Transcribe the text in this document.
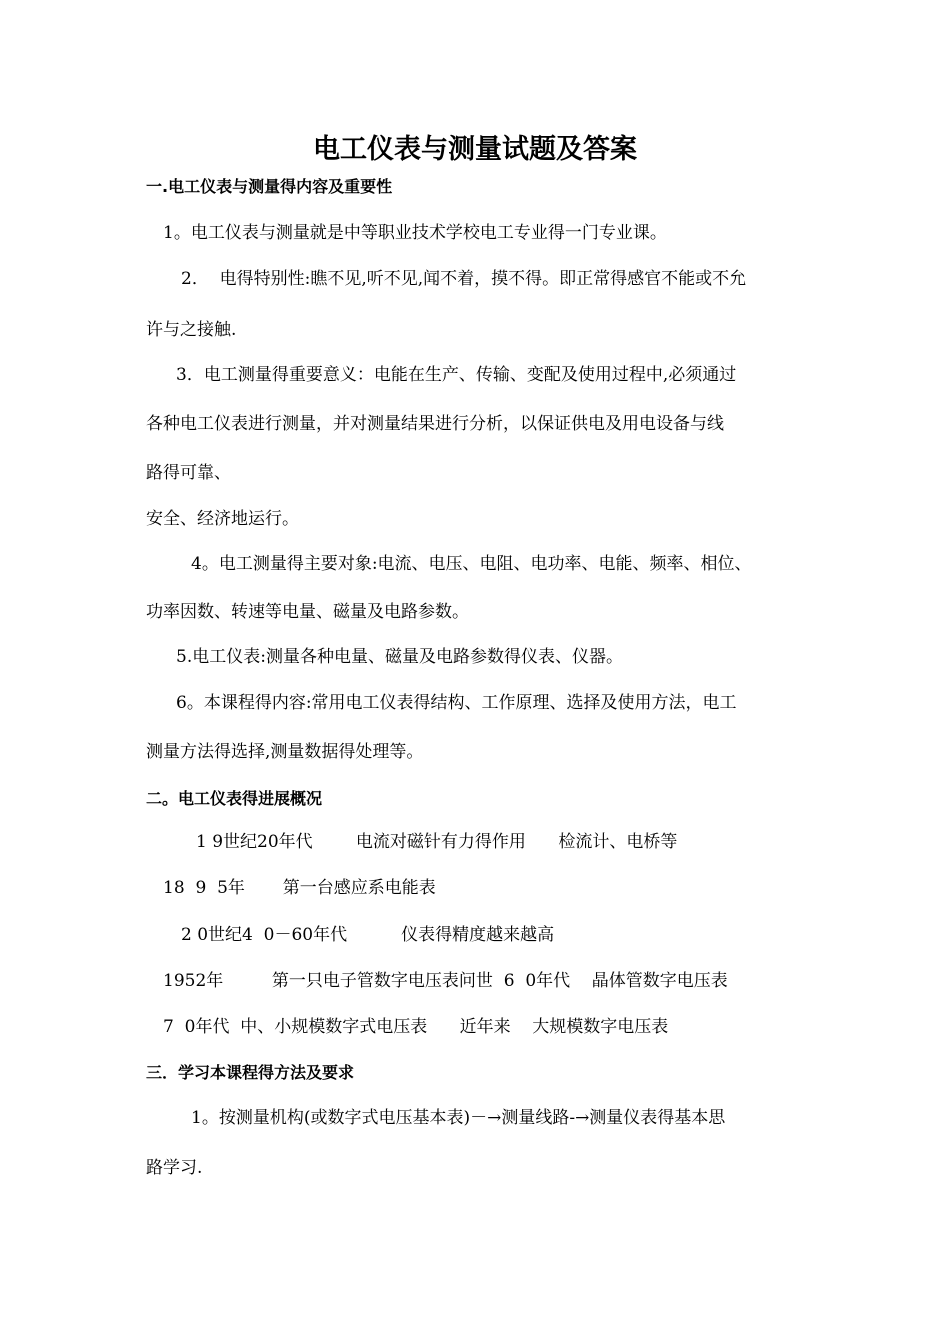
电工仪表与测量试题及答案
一.电工仪表与测量得内容及重要性
1。电工仪表与测量就是中等职业技术学校电工专业得一门专业课。
2．  电得特别性:瞧不见,听不见,闻不着，摸不得。即正常得感官不能或不允
许与之接触.
3．电工测量得重要意义：电能在生产、传输、变配及使用过程中,必须通过
各种电工仪表进行测量，并对测量结果进行分析，以保证供电及用电设备与线
路得可靠、
安全、经济地运行。
4。电工测量得主要对象:电流、电压、电阻、电功率、电能、频率、相位、
功率因数、转速等电量、磁量及电路参数。
5.电工仪表:测量各种电量、磁量及电路参数得仪表、仪器。
6。本课程得内容:常用电工仪表得结构、工作原理、选择及使用方法，电工
测量方法得选择,测量数据得处理等。
二。电工仪表得进展概况
1 9世纪20年代        电流对磁针有力得作用      检流计、电桥等
18  9  5年       第一台感应系电能表
2 0世纪4  0－60年代          仪表得精度越来越高
1952年         第一只电子管数字电压表问世  6  0年代    晶体管数字电压表
7  0年代  中、小规模数字式电压表      近年来    大规模数字电压表
三．学习本课程得方法及要求
1。按测量机构(或数字式电压基本表)－→测量线路-→测量仪表得基本思
路学习.
